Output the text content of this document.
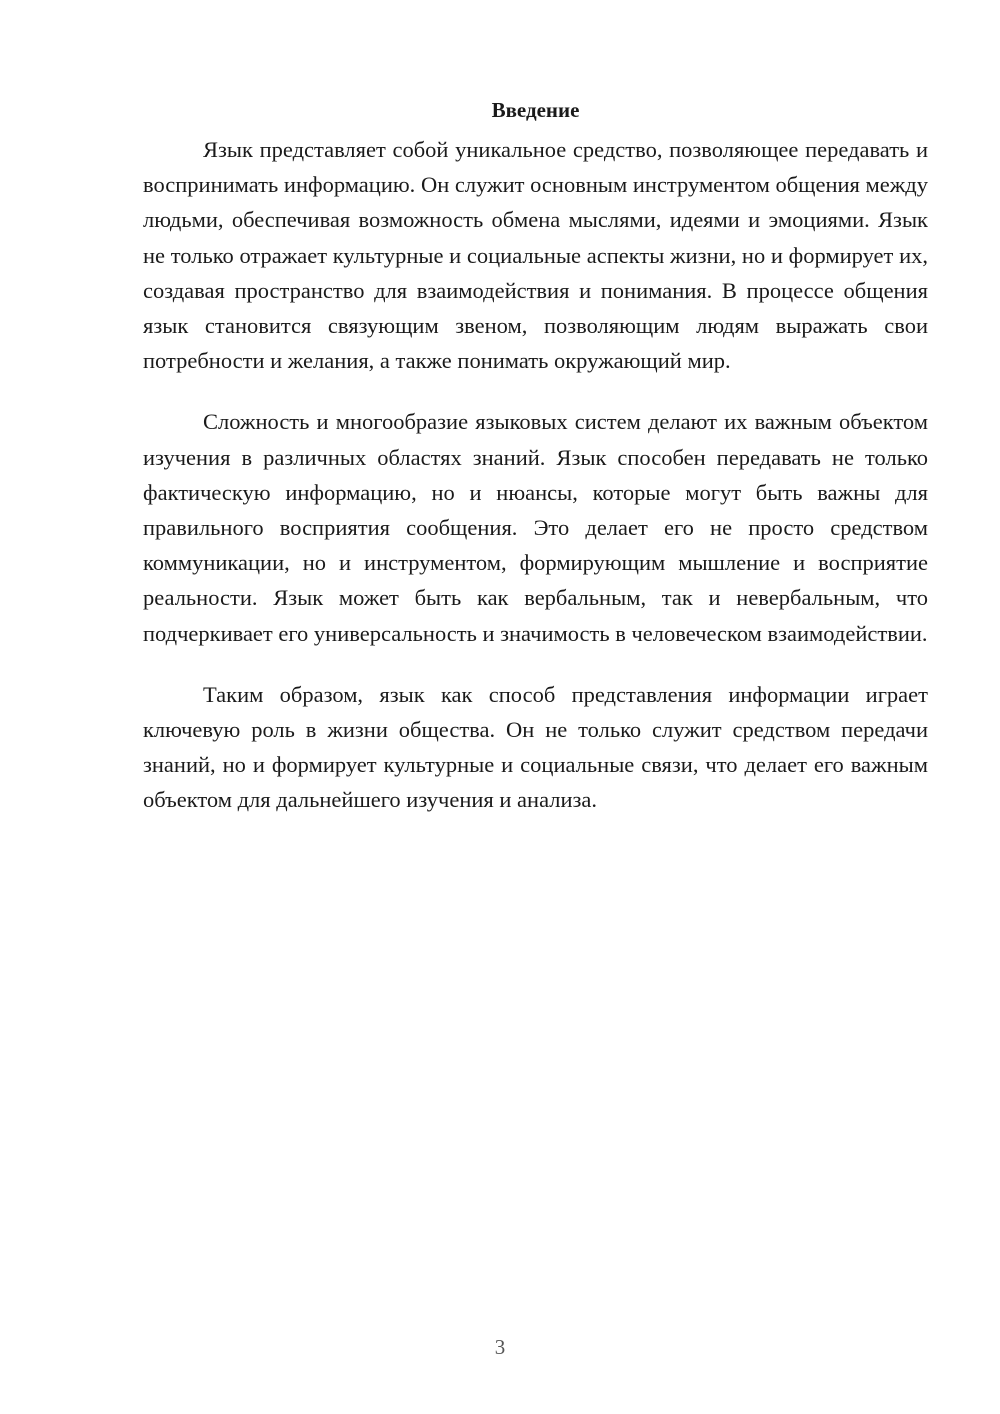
Введение

Язык представляет собой уникальное средство, позволяющее передавать и воспринимать информацию. Он служит основным инструментом общения между людьми, обеспечивая возможность обмена мыслями, идеями и эмоциями. Язык не только отражает культурные и социальные аспекты жизни, но и формирует их, создавая пространство для взаимодействия и понимания. В процессе общения язык становится связующим звеном, позволяющим людям выражать свои потребности и желания, а также понимать окружающий мир.

Сложность и многообразие языковых систем делают их важным объектом изучения в различных областях знаний. Язык способен передавать не только фактическую информацию, но и нюансы, которые могут быть важны для правильного восприятия сообщения. Это делает его не просто средством коммуникации, но и инструментом, формирующим мышление и восприятие реальности. Язык может быть как вербальным, так и невербальным, что подчеркивает его универсальность и значимость в человеческом взаимодействии.

Таким образом, язык как способ представления информации играет ключевую роль в жизни общества. Он не только служит средством передачи знаний, но и формирует культурные и социальные связи, что делает его важным объектом для дальнейшего изучения и анализа.

3
